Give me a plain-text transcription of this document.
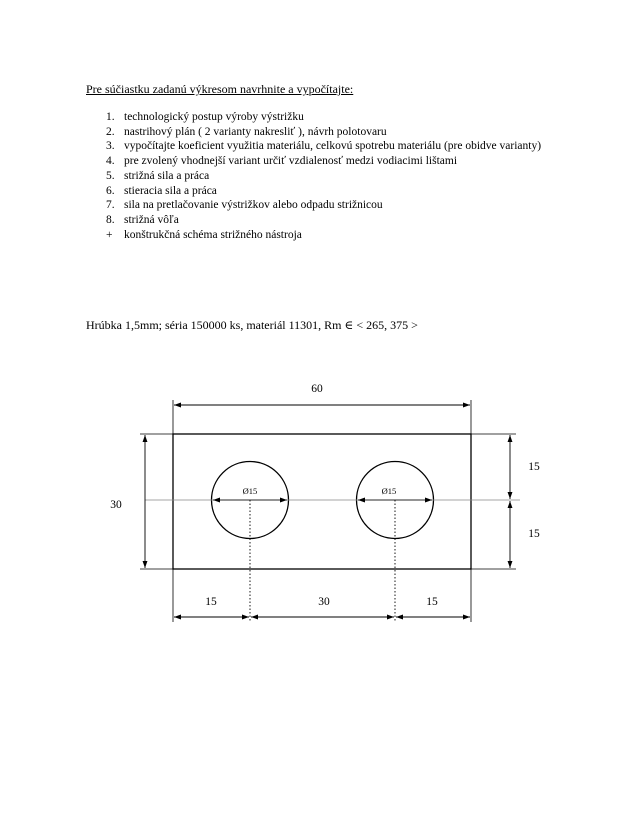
Pre súčiastku zadanú výkresom navrhnite a vypočítajte:
1. technologický postup výroby výstrižku
2. nastrihový plán ( 2 varianty nakresliť ), návrh polotovaru
3. vypočítajte koeficient využitia materiálu, celkovú spotrebu materiálu (pre obidve varianty)
4. pre zvolený vhodnejší variant určiť vzdialenosť medzi vodiacimi lištami
5. strižná sila a práca
6. stieracia sila a práca
7. sila na pretlačovanie výstrižkov alebo odpadu strižnicou
8. strižná vôľa
+	konštrukčná schéma strižného nástroja
Hrúbka 1,5mm; séria 150000 ks, materiál 11301, Rm ∈ < 265, 375 >
Ø15	Ø15
60
30
15
15
15	30	15
